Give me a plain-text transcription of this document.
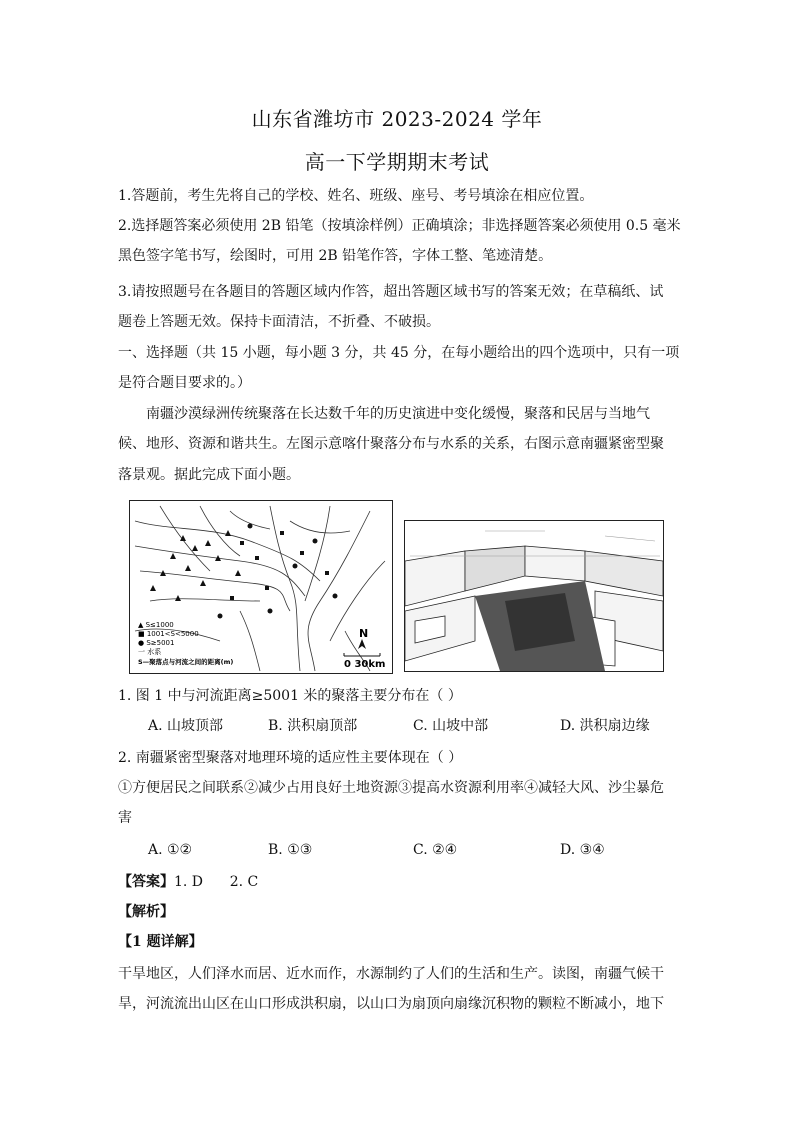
山东省潍坊市 2023-2024 学年
高一下学期期末考试
1.答题前，考生先将自己的学校、姓名、班级、座号、考号填涂在相应位置。
2.选择题答案必须使用 2B 铅笔（按填涂样例）正确填涂；非选择题答案必须使用 0.5 毫米
黑色签字笔书写，绘图时，可用 2B 铅笔作答，字体工整、笔迹清楚。
3.请按照题号在各题目的答题区域内作答，超出答题区域书写的答案无效；在草稿纸、试
题卷上答题无效。保持卡面清洁，不折叠、不破损。
一、选择题（共 15 小题，每小题 3 分，共 45 分，在每小题给出的四个选项中，只有一项
是符合题目要求的。）
南疆沙漠绿洲传统聚落在长达数千年的历史演进中变化缓慢，聚落和民居与当地气
候、地形、资源和谐共生。左图示意喀什聚落分布与水系的关系，右图示意南疆紧密型聚
落景观。据此完成下面小题。
▲ S≤1000
■ 1001<S<5000
● S≥5001
一 水系
S—聚落点与河流之间的距离(m)
N
0 30km
1. 图 1 中与河流距离≥5001 米的聚落主要分布在（ ）
A. 山坡顶部	B. 洪积扇顶部	C. 山坡中部	D. 洪积扇边缘
2. 南疆紧密型聚落对地理环境的适应性主要体现在（ ）
①方便居民之间联系②减少占用良好土地资源③提高水资源利用率④减轻大风、沙尘暴危
害
A. ①②	B. ①③	C. ②④	D. ③④
【答案】1. D      2. C
【解析】
【1 题详解】
干旱地区，人们泽水而居、近水而作，水源制约了人们的生活和生产。读图，南疆气候干
旱，河流流出山区在山口形成洪积扇，以山口为扇顶向扇缘沉积物的颗粒不断减小，地下
